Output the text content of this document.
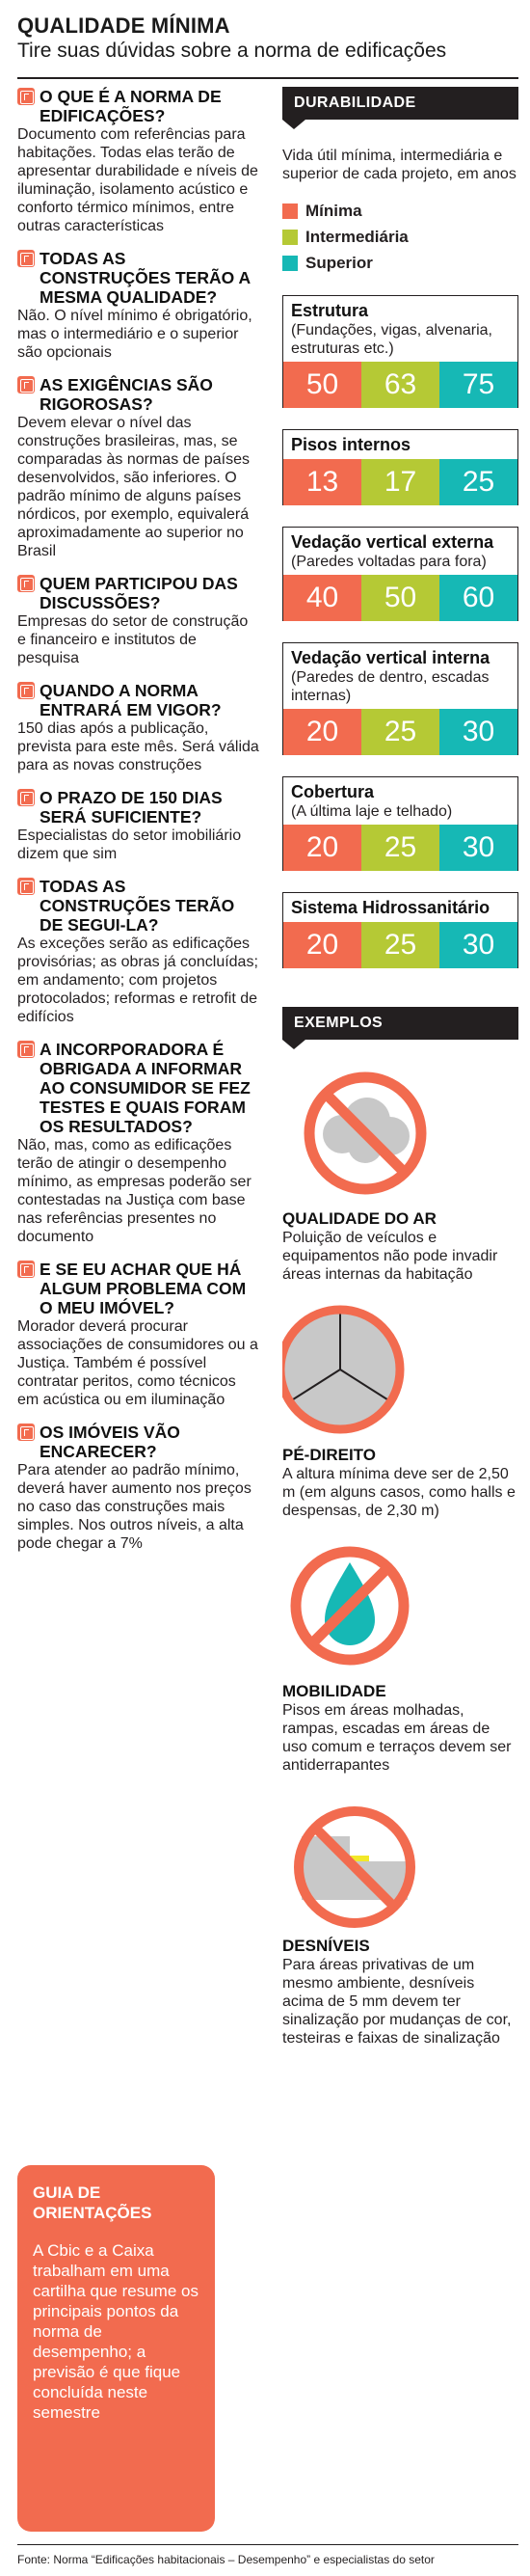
QUALIDADE MÍNIMA
Tire suas dúvidas sobre a norma de edificações
O QUE É A NORMA DE EDIFICAÇÕES?
Documento com referências para habitações. Todas elas terão de apresentar durabilidade e níveis de iluminação, isolamento acústico e conforto térmico mínimos, entre outras características
TODAS AS CONSTRUÇÕES TERÃO A MESMA QUALIDADE?
Não. O nível mínimo é obrigatório, mas o intermediário e o superior são opcionais
AS EXIGÊNCIAS SÃO RIGOROSAS?
Devem elevar o nível das construções brasileiras, mas, se comparadas às normas de países desenvolvidos, são inferiores. O padrão mínimo de alguns países nórdicos, por exemplo, equivalerá aproximadamente ao superior no Brasil
QUEM PARTICIPOU DAS DISCUSSÕES?
Empresas do setor de construção e financeiro e institutos de pesquisa
QUANDO A NORMA ENTRARÁ EM VIGOR?
150 dias após a publicação, prevista para este mês. Será válida para as novas construções
O PRAZO DE 150 DIAS SERÁ SUFICIENTE?
Especialistas do setor imobiliário dizem que sim
TODAS AS CONSTRUÇÕES TERÃO DE SEGUI-LA?
As exceções serão as edificações provisórias; as obras já concluídas; em andamento; com projetos protocolados; reformas e retrofit de edifícios
A INCORPORADORA É OBRIGADA A INFORMAR AO CONSUMIDOR SE FEZ TESTES E QUAIS FORAM OS RESULTADOS?
Não, mas, como as edificações terão de atingir o desempenho mínimo, as empresas poderão ser contestadas na Justiça com base nas referências presentes no documento
E SE EU ACHAR QUE HÁ ALGUM PROBLEMA COM O MEU IMÓVEL?
Morador deverá procurar associações de consumidores ou a Justiça. Também é possível contratar peritos, como técnicos em acústica ou em iluminação
OS IMÓVEIS VÃO ENCARECER?
Para atender ao padrão mínimo, deverá haver aumento nos preços no caso das construções mais simples. Nos outros níveis, a alta pode chegar a 7%
GUIA DE ORIENTAÇÕES
A Cbic e a Caixa trabalham em uma cartilha que resume os principais pontos da norma de desempenho; a previsão é que fique concluída neste semestre
DURABILIDADE
Vida útil mínima, intermediária e superior de cada projeto, em anos
Mínima
Intermediária
Superior
Estrutura
(Fundações, vigas, alvenaria, estruturas etc.)
50	63	75
Pisos internos
13	17	25
Vedação vertical externa
(Paredes voltadas para fora)
40	50	60
Vedação vertical interna
(Paredes de dentro, escadas internas)
20	25	30
Cobertura
(A última laje e telhado)
20	25	30
Sistema Hidrossanitário
20	25	30
EXEMPLOS
QUALIDADE DO AR
Poluição de veículos e equipamentos não pode invadir áreas internas da habitação
PÉ-DIREITO
A altura mínima deve ser de 2,50 m (em alguns casos, como halls e despensas, de 2,30 m)
MOBILIDADE
Pisos em áreas molhadas, rampas, escadas em áreas de uso comum e terraços devem ser antiderrapantes
DESNÍVEIS
Para áreas privativas de um mesmo ambiente, desníveis acima de 5 mm devem ter sinalização por mudanças de cor, testeiras e faixas de sinalização
Fonte: Norma “Edificações habitacionais – Desempenho” e especialistas do setor
